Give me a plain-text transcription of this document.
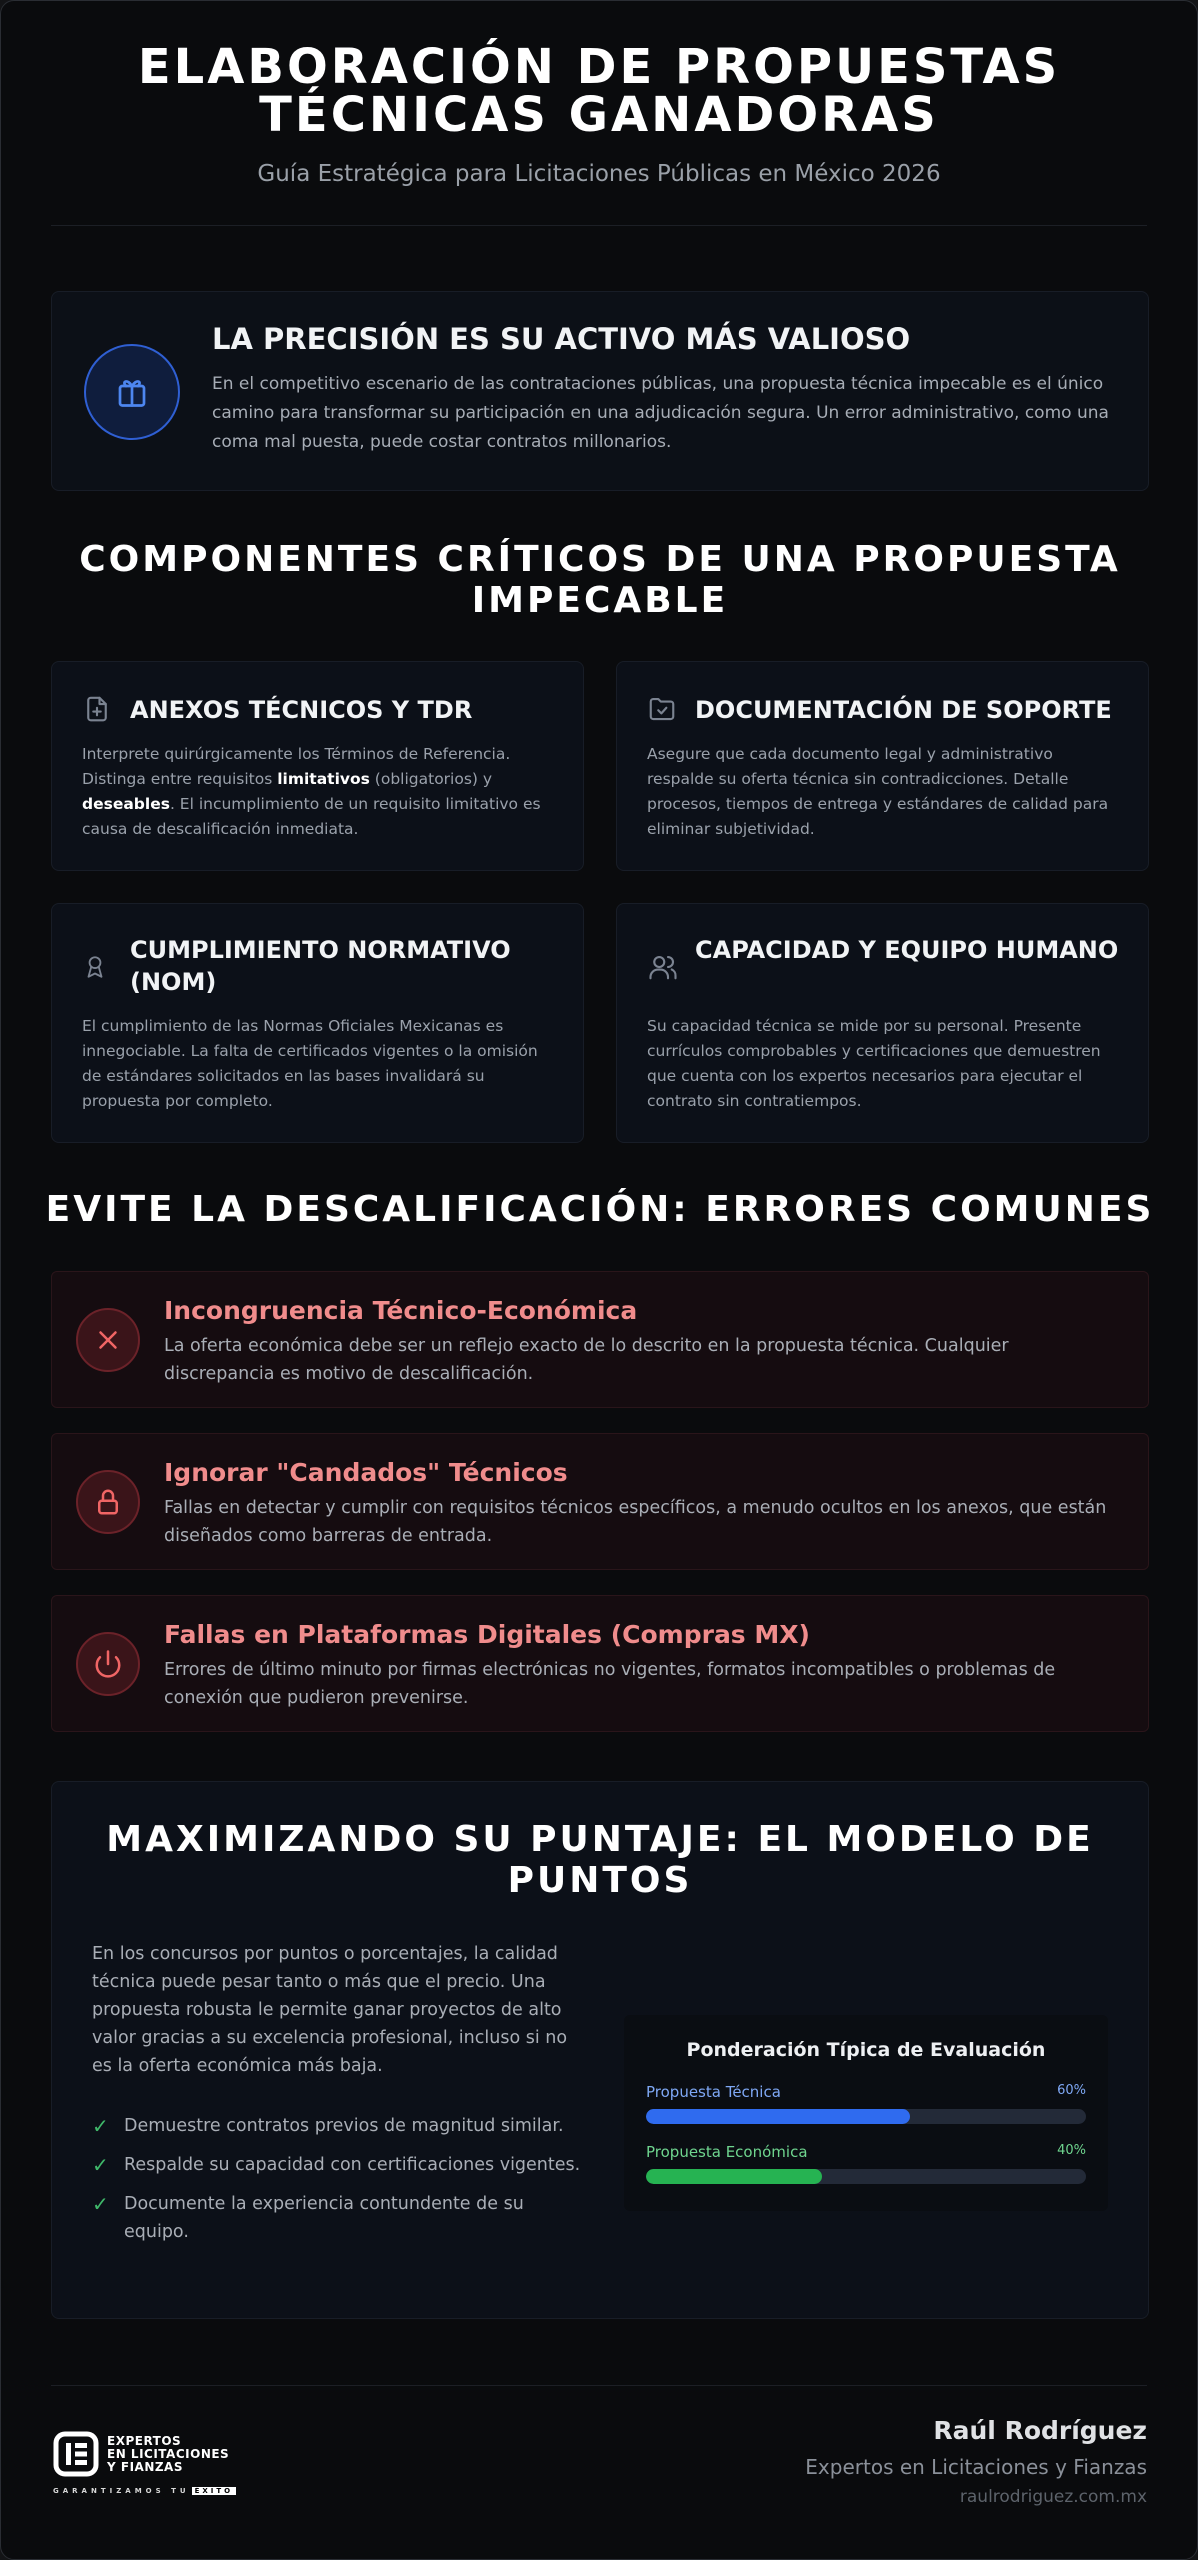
ELABORACIÓN DE PROPUESTAS
TÉCNICAS GANADORAS
Guía Estratégica para Licitaciones Públicas en México 2026
LA PRECISIÓN ES SU ACTIVO MÁS VALIOSO
En el competitivo escenario de las contrataciones públicas, una propuesta técnica impecable es el único camino para transformar su participación en una adjudicación segura. Un error administrativo, como una coma mal puesta, puede costar contratos millonarios.
COMPONENTES CRÍTICOS DE UNA PROPUESTA
IMPECABLE
ANEXOS TÉCNICOS Y TDR
Interprete quirúrgicamente los Términos de Referencia. Distinga entre requisitos limitativos (obligatorios) y deseables. El incumplimiento de un requisito limitativo es causa de descalificación inmediata.
DOCUMENTACIÓN DE SOPORTE
Asegure que cada documento legal y administrativo respalde su oferta técnica sin contradicciones. Detalle procesos, tiempos de entrega y estándares de calidad para eliminar subjetividad.
CUMPLIMIENTO NORMATIVO (NOM)
El cumplimiento de las Normas Oficiales Mexicanas es innegociable. La falta de certificados vigentes o la omisión de estándares solicitados en las bases invalidará su propuesta por completo.
CAPACIDAD Y EQUIPO HUMANO
Su capacidad técnica se mide por su personal. Presente currículos comprobables y certificaciones que demuestren que cuenta con los expertos necesarios para ejecutar el contrato sin contratiempos.
EVITE LA DESCALIFICACIÓN: ERRORES COMUNES
Incongruencia Técnico-Económica
La oferta económica debe ser un reflejo exacto de lo descrito en la propuesta técnica. Cualquier discrepancia es motivo de descalificación.
Ignorar "Candados" Técnicos
Fallas en detectar y cumplir con requisitos técnicos específicos, a menudo ocultos en los anexos, que están diseñados como barreras de entrada.
Fallas en Plataformas Digitales (Compras MX)
Errores de último minuto por firmas electrónicas no vigentes, formatos incompatibles o problemas de conexión que pudieron prevenirse.
MAXIMIZANDO SU PUNTAJE: EL MODELO DE
PUNTOS
En los concursos por puntos o porcentajes, la calidad técnica puede pesar tanto o más que el precio. Una propuesta robusta le permite ganar proyectos de alto valor gracias a su excelencia profesional, incluso si no es la oferta económica más baja.
✓ Demuestre contratos previos de magnitud similar.
✓ Respalde su capacidad con certificaciones vigentes.
✓ Documente la experiencia contundente de su equipo.
Ponderación Típica de Evaluación
Propuesta Técnica	60%
Propuesta Económica	40%
EXPERTOS
EN LICITACIONES
Y FIANZAS
GARANTIZAMOS TU ÉXITO
Raúl Rodríguez
Expertos en Licitaciones y Fianzas
raulrodriguez.com.mx
